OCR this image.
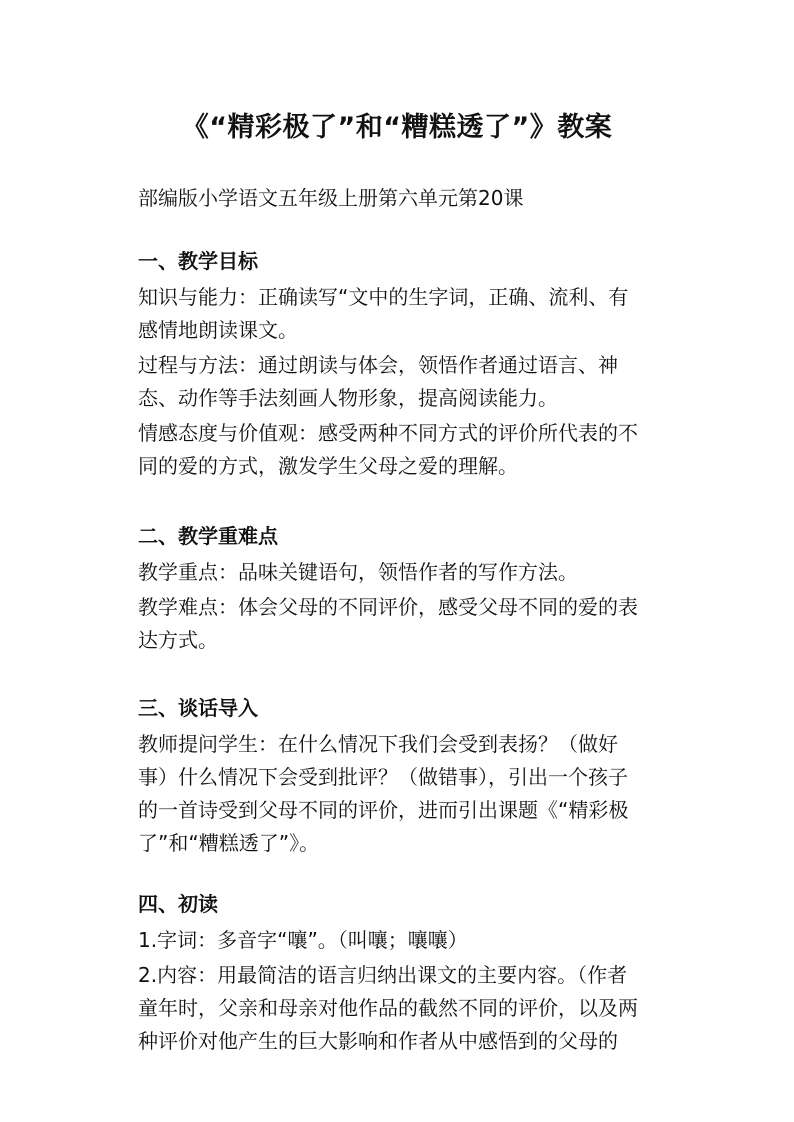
《“精彩极了”和“糟糕透了”》教案
部编版小学语文五年级上册第六单元第20课
一、教学目标

知识与能力：正确读写“文中的生字词，正确、流利、有
感情地朗读课文。

过程与方法：通过朗读与体会，领悟作者通过语言、神
态、动作等手法刻画人物形象，提高阅读能力。

情感态度与价值观：感受两种不同方式的评价所代表的不
同的爱的方式，激发学生父母之爱的理解。

二、教学重难点

教学重点：品味关键语句，领悟作者的写作方法。

教学难点：体会父母的不同评价，感受父母不同的爱的表
达方式。

三、谈话导入

教师提问学生：在什么情况下我们会受到表扬？（做好
事）什么情况下会受到批评？（做错事），引出一个孩子
的一首诗受到父母不同的评价，进而引出课题《“精彩极
了”和“糟糕透了”》。

四、初读

1.字词：多音字“嚷”。（叫嚷；嚷嚷）

2.内容：用最简洁的语言归纳出课文的主要内容。（作者
童年时，父亲和母亲对他作品的截然不同的评价，以及两
种评价对他产生的巨大影响和作者从中感悟到的父母的
